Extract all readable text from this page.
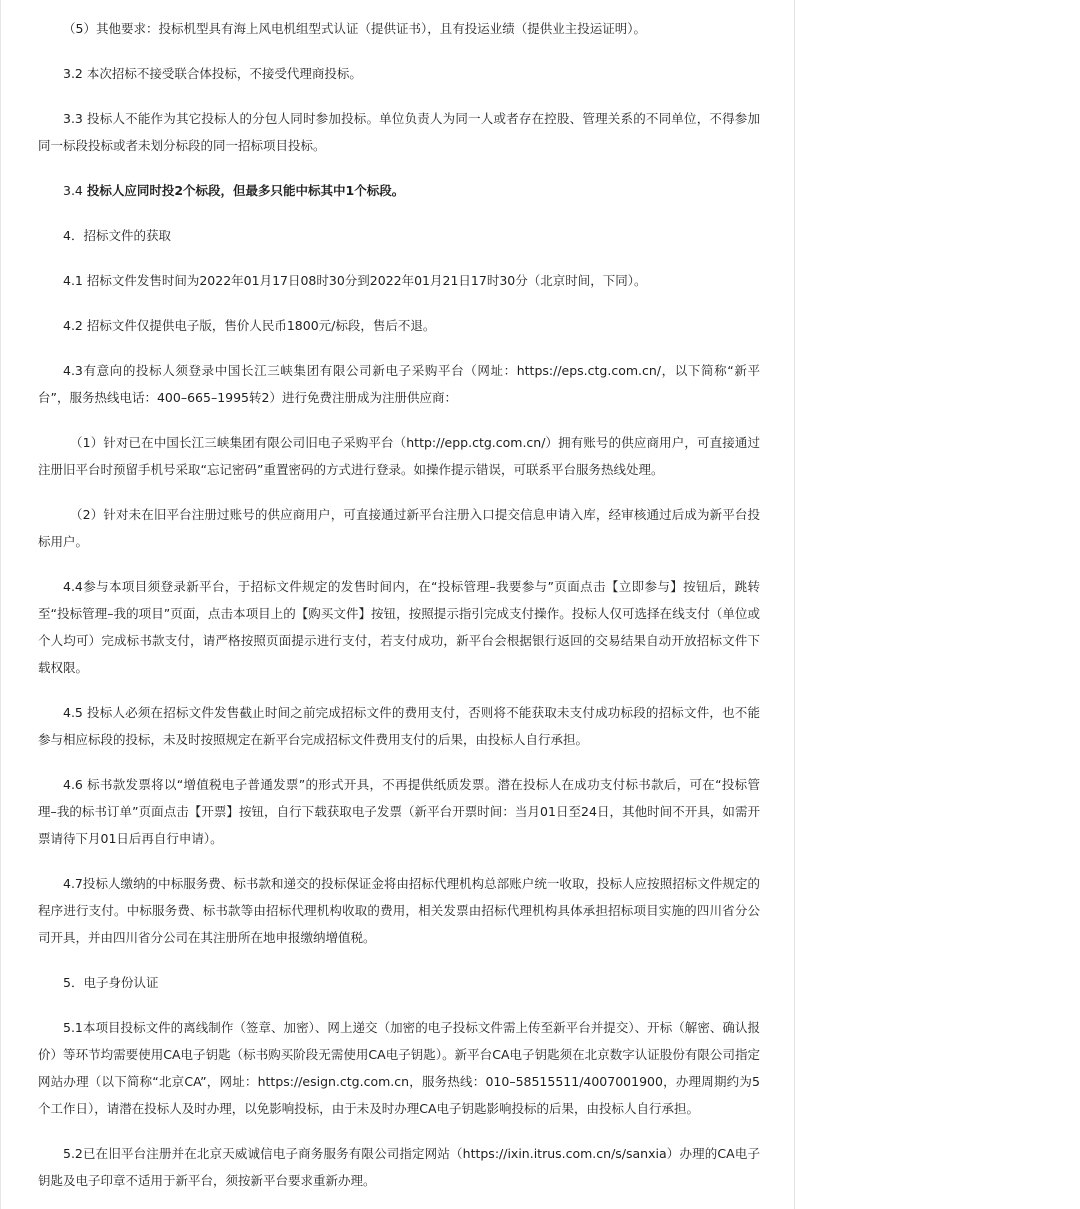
（5）其他要求：投标机型具有海上风电机组型式认证（提供证书），且有投运业绩（提供业主投运证明）。

3.2 本次招标不接受联合体投标，不接受代理商投标。

3.3 投标人不能作为其它投标人的分包人同时参加投标。单位负责人为同一人或者存在控股、管理关系的不同单位，不得参加同一标段投标或者未划分标段的同一招标项目投标。

3.4 投标人应同时投2个标段，但最多只能中标其中1个标段。

4．招标文件的获取

4.1 招标文件发售时间为2022年01月17日08时30分到2022年01月21日17时30分（北京时间，下同）。

4.2 招标文件仅提供电子版，售价人民币1800元/标段，售后不退。

4.3有意向的投标人须登录中国长江三峡集团有限公司新电子采购平台（网址：https://eps.ctg.com.cn/，以下简称“新平台”，服务热线电话：400–665–1995转2）进行免费注册成为注册供应商：

（1）针对已在中国长江三峡集团有限公司旧电子采购平台（http://epp.ctg.com.cn/）拥有账号的供应商用户，可直接通过注册旧平台时预留手机号采取“忘记密码”重置密码的方式进行登录。如操作提示错误，可联系平台服务热线处理。

（2）针对未在旧平台注册过账号的供应商用户，可直接通过新平台注册入口提交信息申请入库，经审核通过后成为新平台投标用户。

4.4参与本项目须登录新平台，于招标文件规定的发售时间内，在“投标管理–我要参与”页面点击【立即参与】按钮后，跳转至“投标管理–我的项目”页面，点击本项目上的【购买文件】按钮，按照提示指引完成支付操作。投标人仅可选择在线支付（单位或个人均可）完成标书款支付，请严格按照页面提示进行支付，若支付成功，新平台会根据银行返回的交易结果自动开放招标文件下载权限。

4.5 投标人必须在招标文件发售截止时间之前完成招标文件的费用支付，否则将不能获取未支付成功标段的招标文件，也不能参与相应标段的投标，未及时按照规定在新平台完成招标文件费用支付的后果，由投标人自行承担。

4.6 标书款发票将以“增值税电子普通发票”的形式开具，不再提供纸质发票。潜在投标人在成功支付标书款后，可在“投标管理–我的标书订单”页面点击【开票】按钮，自行下载获取电子发票（新平台开票时间：当月01日至24日，其他时间不开具，如需开票请待下月01日后再自行申请）。

4.7投标人缴纳的中标服务费、标书款和递交的投标保证金将由招标代理机构总部账户统一收取，投标人应按照招标文件规定的程序进行支付。中标服务费、标书款等由招标代理机构收取的费用，相关发票由招标代理机构具体承担招标项目实施的四川省分公司开具，并由四川省分公司在其注册所在地申报缴纳增值税。

5．电子身份认证

5.1本项目投标文件的离线制作（签章、加密）、网上递交（加密的电子投标文件需上传至新平台并提交）、开标（解密、确认报价）等环节均需要使用CA电子钥匙（标书购买阶段无需使用CA电子钥匙）。新平台CA电子钥匙须在北京数字认证股份有限公司指定网站办理（以下简称“北京CA”，网址：https://esign.ctg.com.cn，服务热线：010–58515511/4007001900，办理周期约为5个工作日），请潜在投标人及时办理，以免影响投标，由于未及时办理CA电子钥匙影响投标的后果，由投标人自行承担。

5.2已在旧平台注册并在北京天威诚信电子商务服务有限公司指定网站（https://ixin.itrus.com.cn/s/sanxia）办理的CA电子钥匙及电子印章不适用于新平台，须按新平台要求重新办理。
